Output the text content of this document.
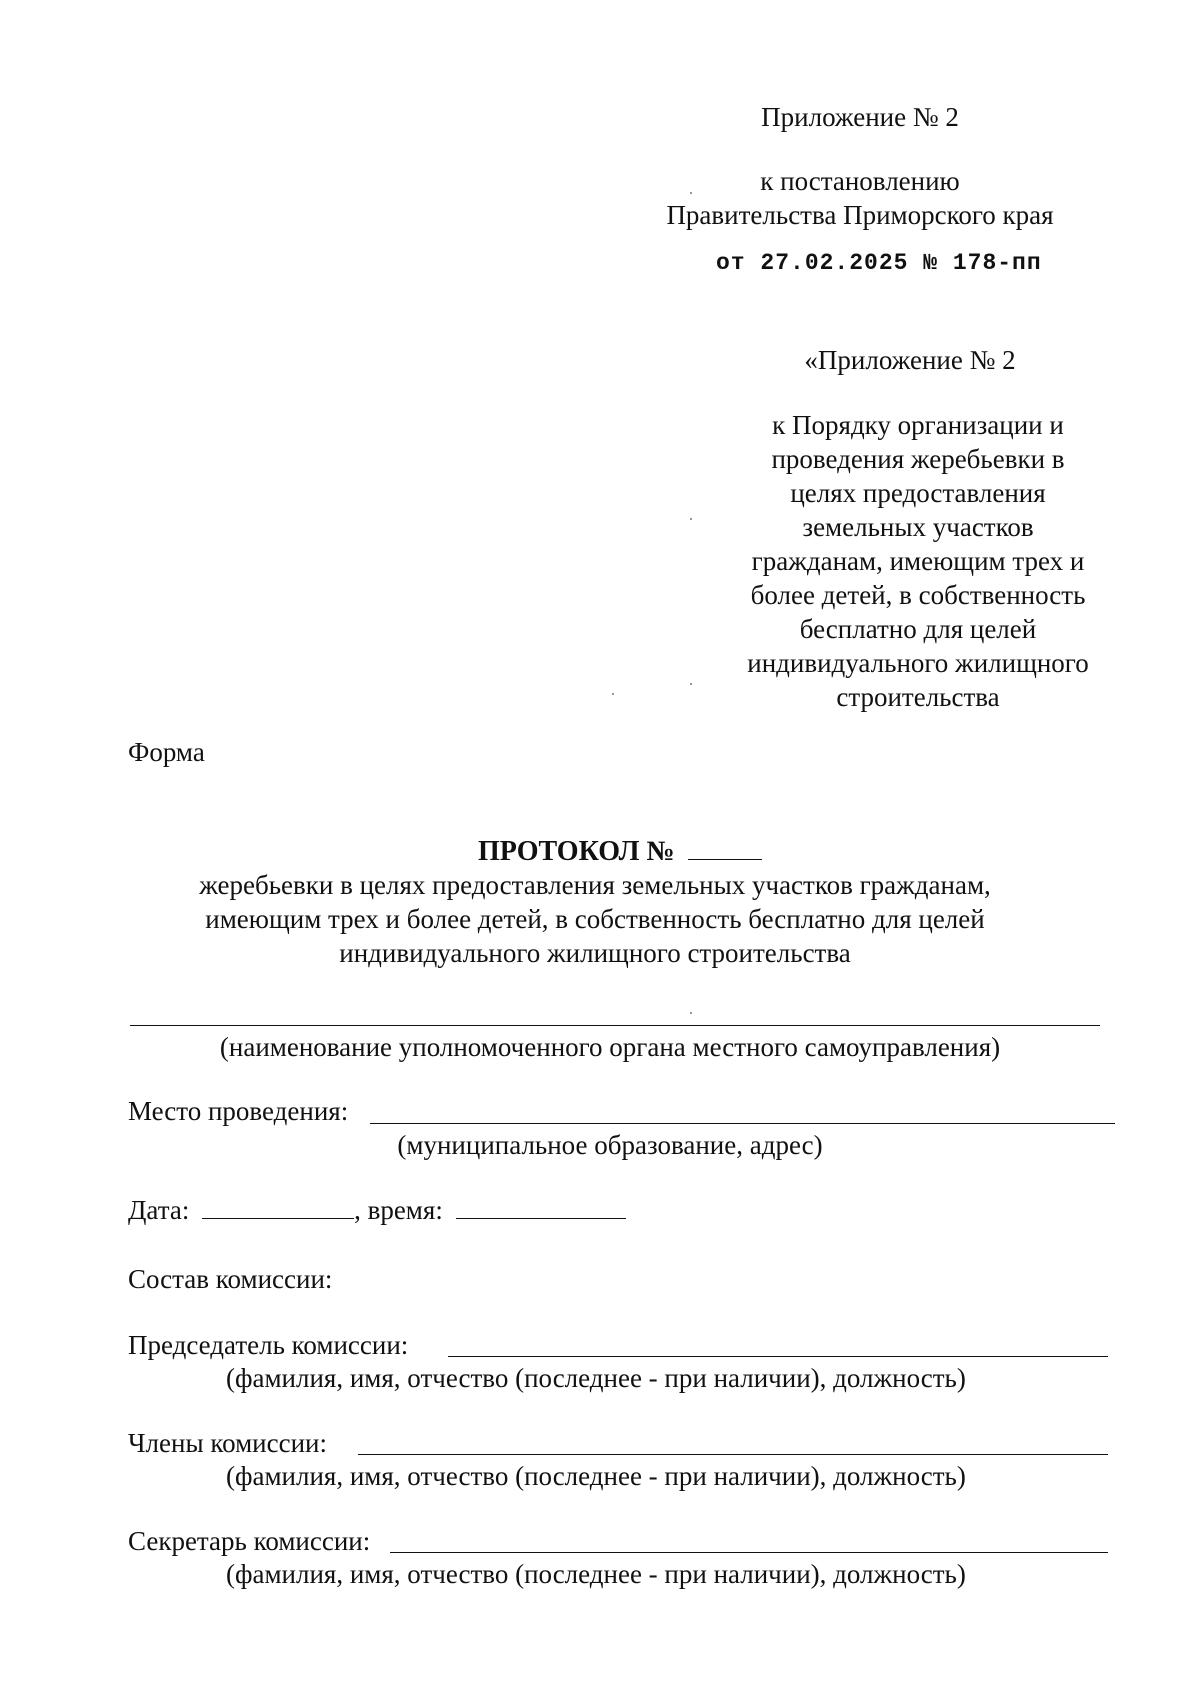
Приложение № 2
к постановлению
Правительства Приморского края
от 27.02.2025 № 178-пп
«Приложение № 2
к Порядку организации и
проведения жеребьевки в
целях предоставления
земельных участков
гражданам, имеющим трех и
более детей, в собственность
бесплатно для целей
индивидуального жилищного
строительства
Форма
ПРОТОКОЛ №
жеребьевки в целях предоставления земельных участков гражданам,
имеющим трех и более детей, в собственность бесплатно для целей
индивидуального жилищного строительства
(наименование уполномоченного органа местного самоуправления)
Место проведения:
(муниципальное образование, адрес)
Дата:	, время:
Состав комиссии:
Председатель комиссии:
(фамилия, имя, отчество (последнее - при наличии), должность)
Члены комиссии:
(фамилия, имя, отчество (последнее - при наличии), должность)
Секретарь комиссии:
(фамилия, имя, отчество (последнее - при наличии), должность)
